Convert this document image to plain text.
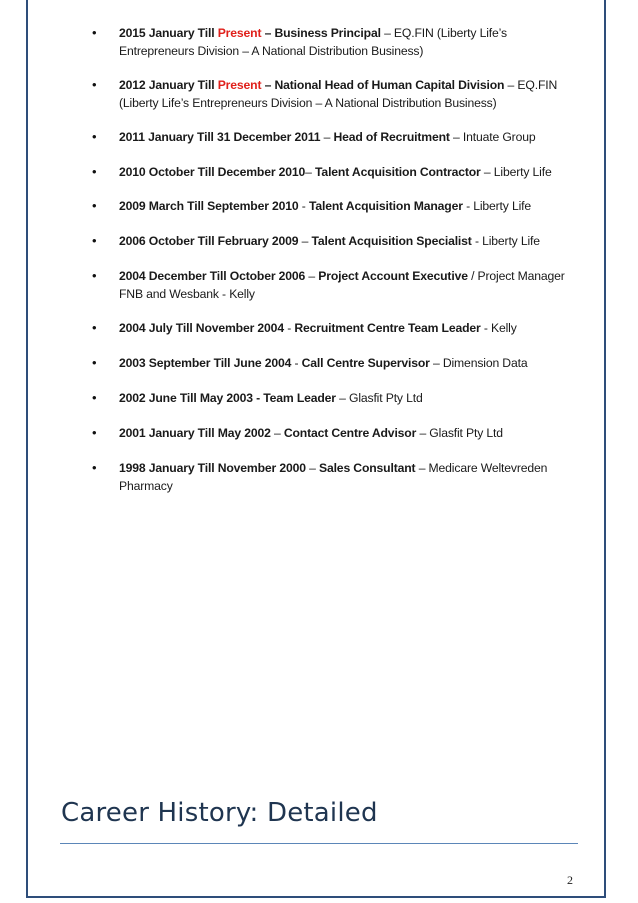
• 2015 January Till Present – Business Principal – EQ.FIN (Liberty Life’s Entrepreneurs Division – A National Distribution Business)
• 2012 January Till Present – National Head of Human Capital Division – EQ.FIN (Liberty Life’s Entrepreneurs Division – A National Distribution Business)
• 2011 January Till 31 December 2011 – Head of Recruitment – Intuate Group
• 2010 October Till December 2010– Talent Acquisition Contractor – Liberty Life
• 2009 March Till September 2010 - Talent Acquisition Manager - Liberty Life
• 2006 October Till February 2009 – Talent Acquisition Specialist - Liberty Life
• 2004 December Till October 2006 – Project Account Executive / Project Manager FNB and Wesbank - Kelly
• 2004 July Till November 2004 - Recruitment Centre Team Leader - Kelly
• 2003 September Till June 2004 - Call Centre Supervisor – Dimension Data
• 2002 June Till May 2003 - Team Leader – Glasfit Pty Ltd
• 2001 January Till May 2002 – Contact Centre Advisor – Glasfit Pty Ltd
• 1998 January Till November 2000 – Sales Consultant – Medicare Weltevreden Pharmacy
Career History: Detailed
2
